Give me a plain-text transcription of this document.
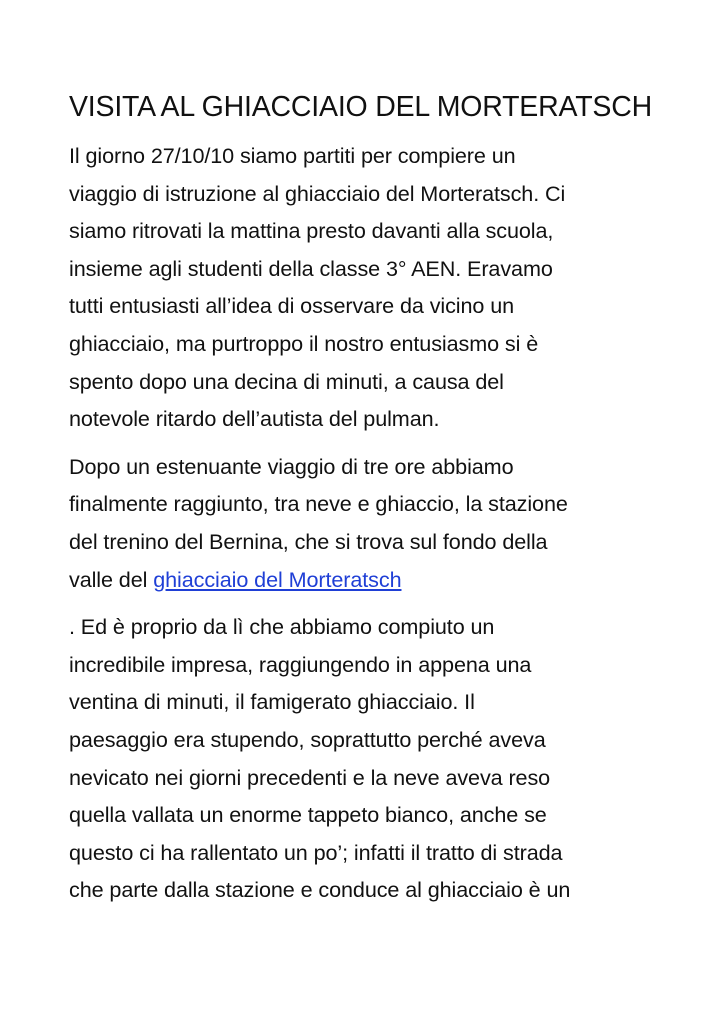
VISITA AL GHIACCIAIO DEL MORTERATSCH

Il giorno 27/10/10 siamo partiti per compiere un
viaggio di istruzione al ghiacciaio del Morteratsch. Ci
siamo ritrovati la mattina presto davanti alla scuola,
insieme agli studenti della classe 3° AEN. Eravamo
tutti entusiasti all’idea di osservare da vicino un
ghiacciaio, ma purtroppo il nostro entusiasmo si è
spento dopo una decina di minuti, a causa del
notevole ritardo dell’autista del pulman.

Dopo un estenuante viaggio di tre ore abbiamo
finalmente raggiunto, tra neve e ghiaccio, la stazione
del trenino del Bernina, che si trova sul fondo della
valle del ghiacciaio del Morteratsch

. Ed è proprio da lì che abbiamo compiuto un
incredibile impresa, raggiungendo in appena una
ventina di minuti, il famigerato ghiacciaio. Il
paesaggio era stupendo, soprattutto perché aveva
nevicato nei giorni precedenti e la neve aveva reso
quella vallata un enorme tappeto bianco, anche se
questo ci ha rallentato un po’; infatti il tratto di strada
che parte dalla stazione e conduce al ghiacciaio è un
